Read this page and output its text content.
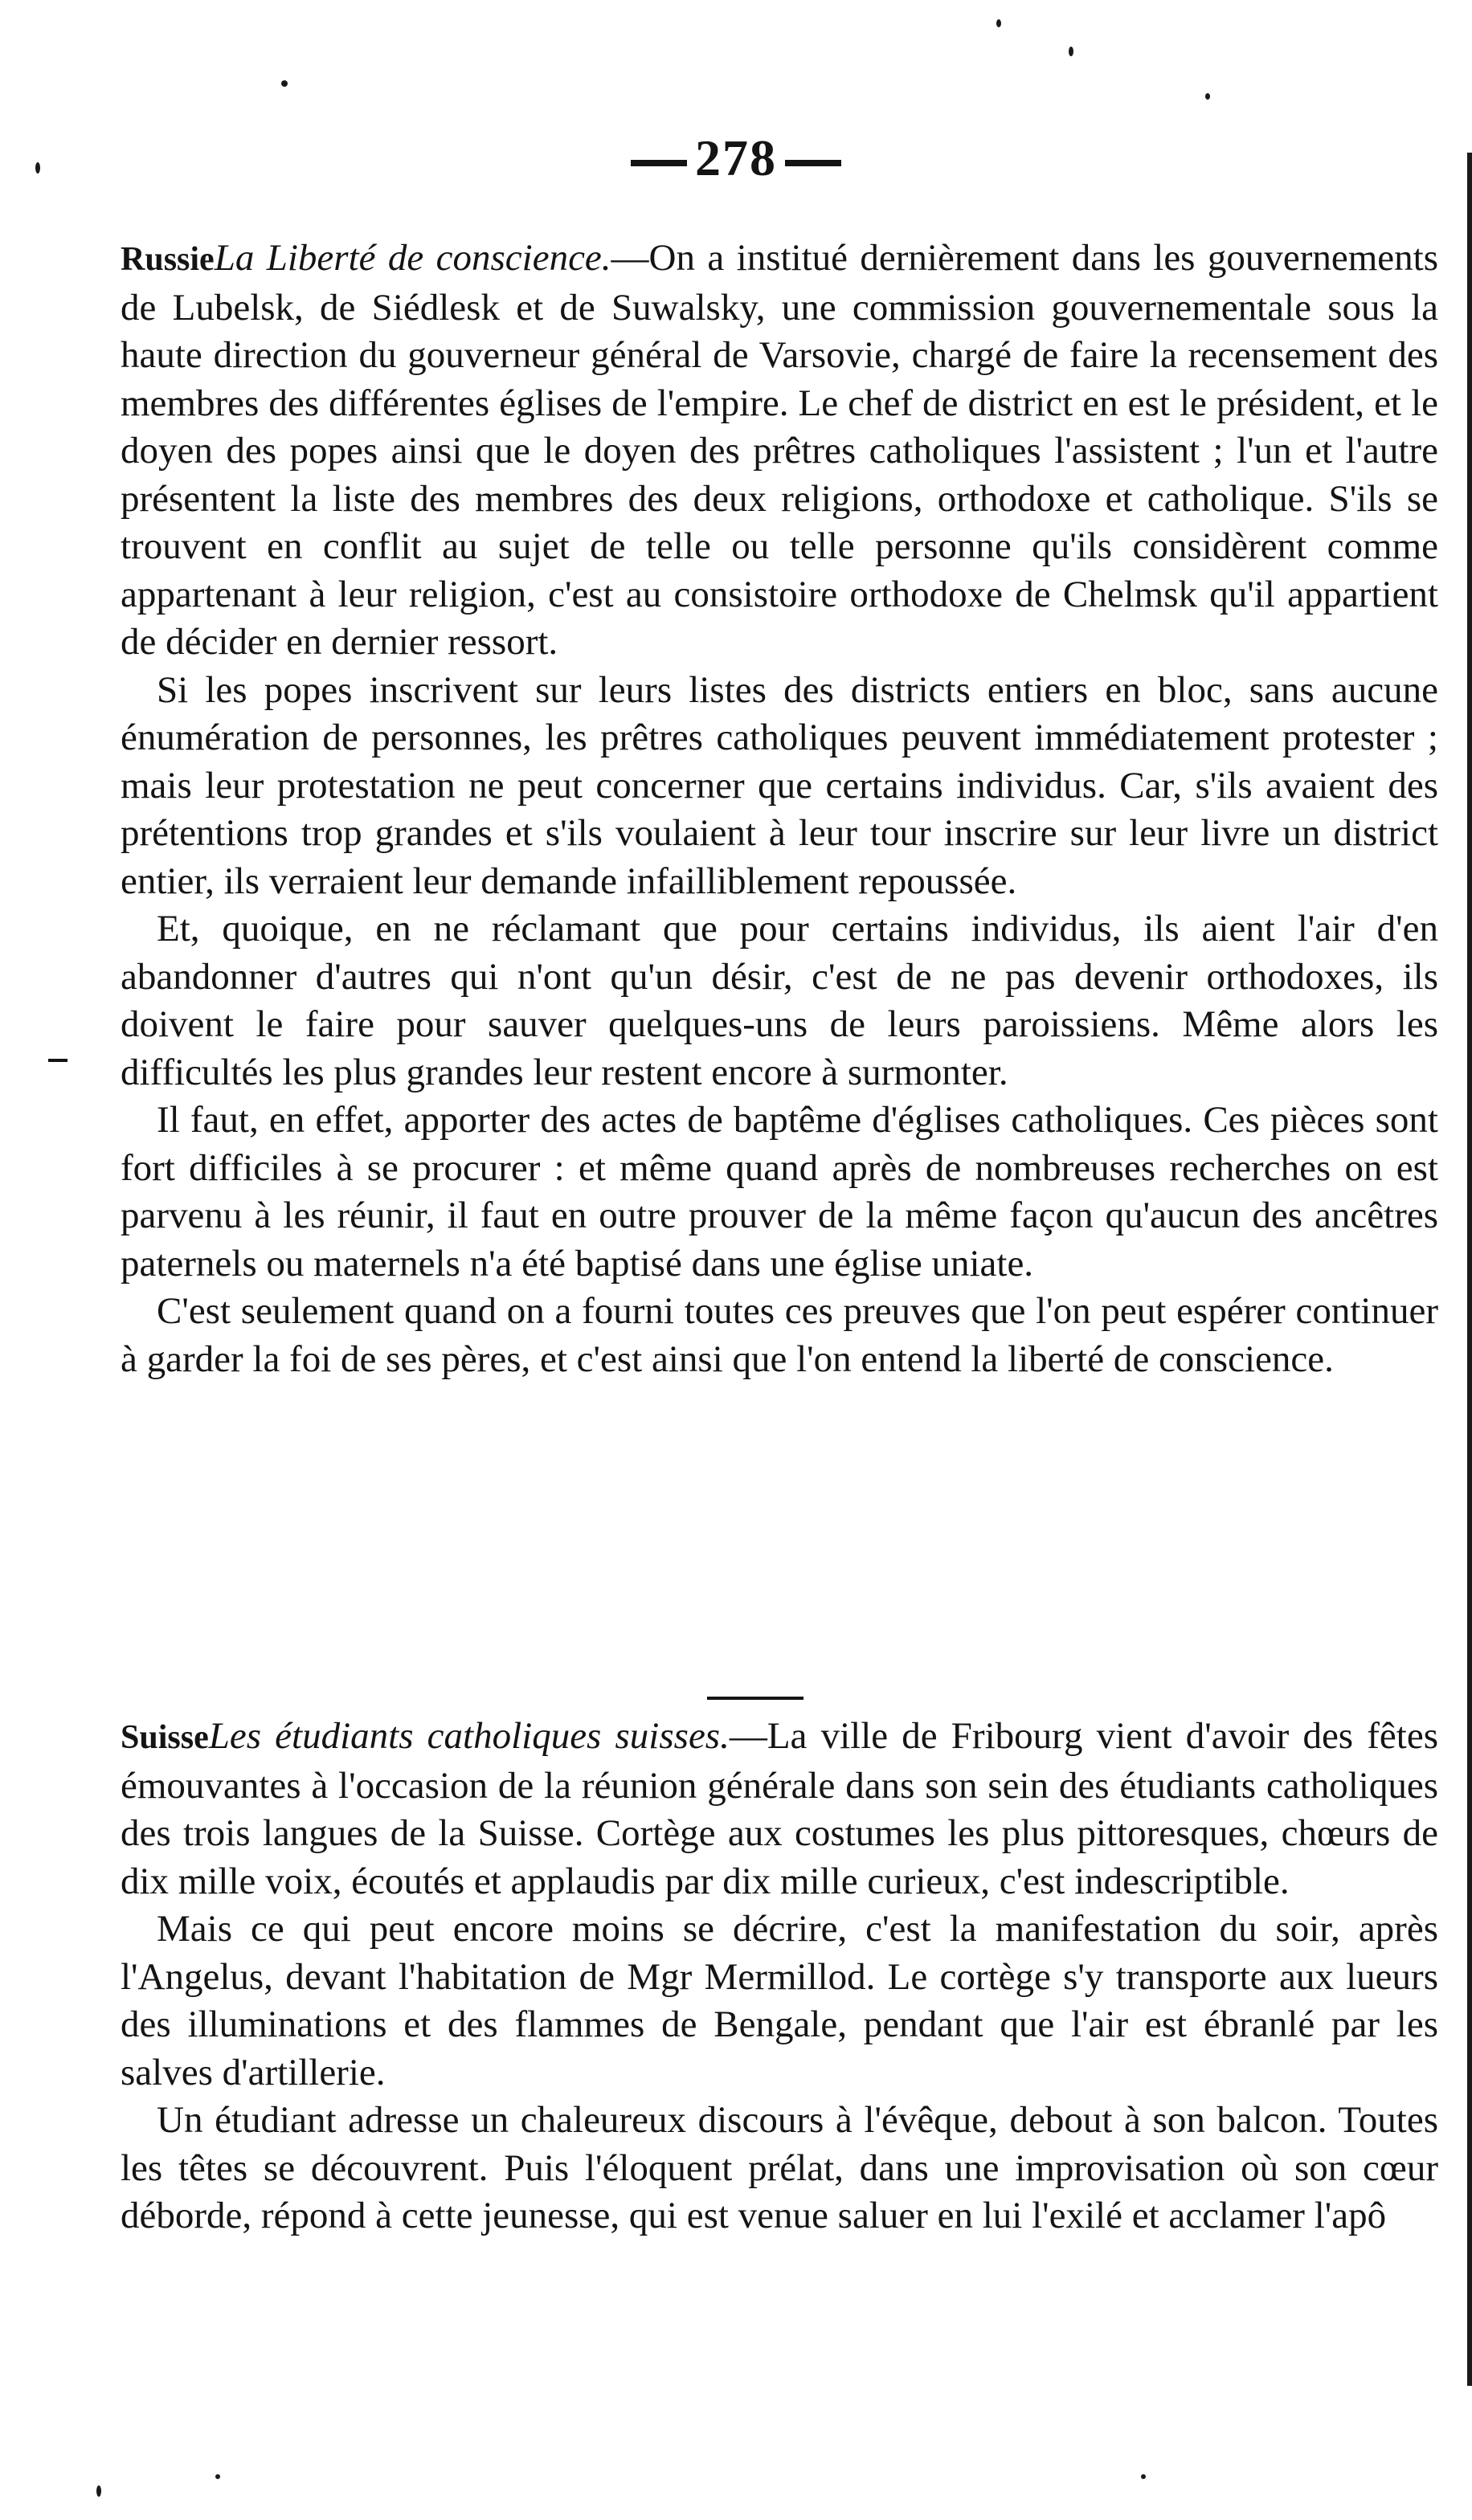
278

RussieLa Liberté de conscience.—On a institué dernièrement dans les gouvernements de Lubelsk, de Siédlesk et de Suwalsky, une commission gouvernementale sous la haute direction du gouverneur général de Varsovie, chargé de faire la recensement des membres des différentes églises de l'empire. Le chef de district en est le président, et le doyen des popes ainsi que le doyen des prêtres catholiques l'assistent ; l'un et l'autre présentent la liste des membres des deux religions, orthodoxe et catholique. S'ils se trouvent en conflit au sujet de telle ou telle personne qu'ils considèrent comme appartenant à leur religion, c'est au consistoire orthodoxe de Chelmsk qu'il appartient de décider en dernier ressort.

Si les popes inscrivent sur leurs listes des districts entiers en bloc, sans aucune énumération de personnes, les prêtres catholiques peuvent immédiatement protester ; mais leur protestation ne peut concerner que certains individus. Car, s'ils avaient des prétentions trop grandes et s'ils voulaient à leur tour inscrire sur leur livre un district entier, ils verraient leur demande infailliblement repoussée.

Et, quoique, en ne réclamant que pour certains individus, ils aient l'air d'en abandonner d'autres qui n'ont qu'un désir, c'est de ne pas devenir orthodoxes, ils doivent le faire pour sauver quelques-uns de leurs paroissiens. Même alors les difficultés les plus grandes leur restent encore à surmonter.

Il faut, en effet, apporter des actes de baptême d'églises catholiques. Ces pièces sont fort difficiles à se procurer : et même quand après de nombreuses recherches on est parvenu à les réunir, il faut en outre prouver de la même façon qu'aucun des ancêtres paternels ou maternels n'a été baptisé dans une église uniate.

C'est seulement quand on a fourni toutes ces preuves que l'on peut espérer continuer à garder la foi de ses pères, et c'est ainsi que l'on entend la liberté de conscience.

SuisseLes étudiants catholiques suisses.—La ville de Fribourg vient d'avoir des fêtes émouvantes à l'occasion de la réunion générale dans son sein des étudiants catholiques des trois langues de la Suisse. Cortège aux costumes les plus pittoresques, chœurs de dix mille voix, écoutés et applaudis par dix mille curieux, c'est indescriptible.

Mais ce qui peut encore moins se décrire, c'est la manifestation du soir, après l'Angelus, devant l'habitation de Mgr Mermillod. Le cortège s'y transporte aux lueurs des illuminations et des flammes de Bengale, pendant que l'air est ébranlé par les salves d'artillerie.

Un étudiant adresse un chaleureux discours à l'évêque, debout à son balcon. Toutes les têtes se découvrent. Puis l'éloquent prélat, dans une improvisation où son cœur déborde, répond à cette jeunesse, qui est venue saluer en lui l'exilé et acclamer l'apô
